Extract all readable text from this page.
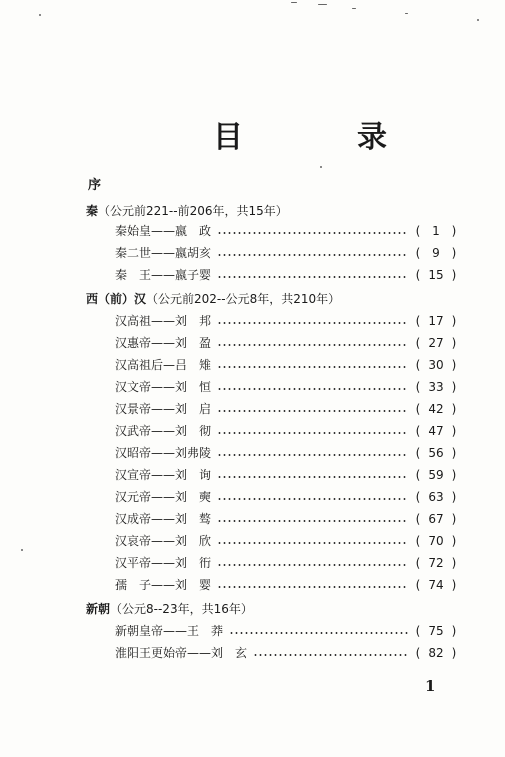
目　录
序
秦（公元前221--前206年，共15年）
秦始皇——嬴　政	( 1 )
秦二世——嬴胡亥	( 9 )
秦　王——嬴子婴	( 15 )
西（前）汉（公元前202--公元8年，共210年）
汉高祖——刘　邦	( 17 )
汉惠帝——刘　盈	( 27 )
汉高祖后—吕　雉	( 30 )
汉文帝——刘　恒	( 33 )
汉景帝——刘　启	( 42 )
汉武帝——刘　彻	( 47 )
汉昭帝——刘弗陵	( 56 )
汉宣帝——刘　询	( 59 )
汉元帝——刘　奭	( 63 )
汉成帝——刘　骜	( 67 )
汉哀帝——刘　欣	( 70 )
汉平帝——刘　衎	( 72 )
孺　子——刘　婴	( 74 )
新朝（公元8--23年，共16年）
新朝皇帝——王　莽	( 75 )
淮阳王更始帝——刘　玄	( 82 )
1
